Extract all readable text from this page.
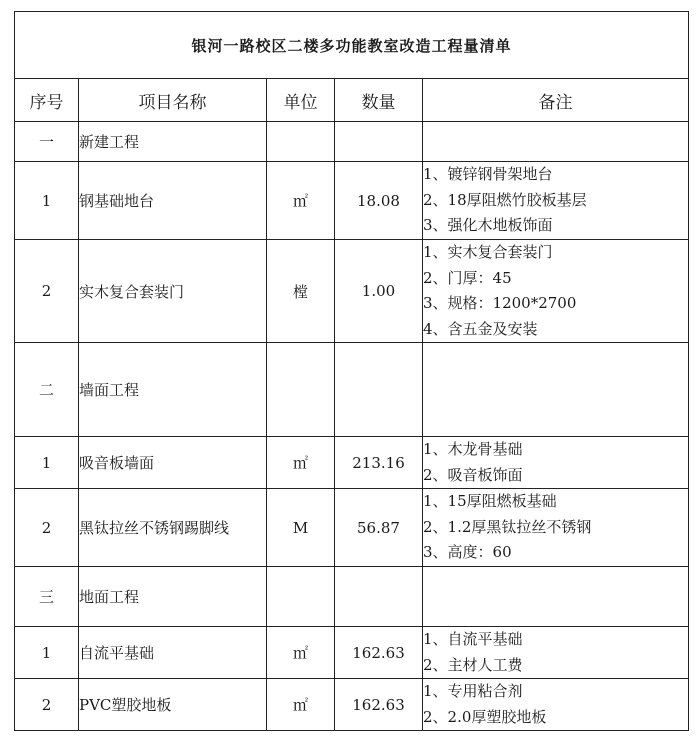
银河一路校区二楼多功能教室改造工程量清单				
序号	项目名称	单位	数量	备注
一	新建工程			
1	钢基础地台	㎡	18.08	1、镀锌钢骨架地台
2、18厚阻燃竹胶板基层
3、强化木地板饰面

2	实木复合套装门	樘	1.00	1、实木复合套装门
2、门厚：45
3、规格：1200*2700
4、含五金及安装

二	墙面工程			
1	吸音板墙面	㎡	213.16	1、木龙骨基础
2、吸音板饰面

2	黑钛拉丝不锈钢踢脚线	M	56.87	1、15厚阻燃板基础
2、1.2厚黑钛拉丝不锈钢
3、高度：60

三	地面工程			
1	自流平基础	㎡	162.63	1、自流平基础
2、主材人工费

2	PVC塑胶地板	㎡	162.63	1、专用粘合剂
2、2.0厚塑胶地板
